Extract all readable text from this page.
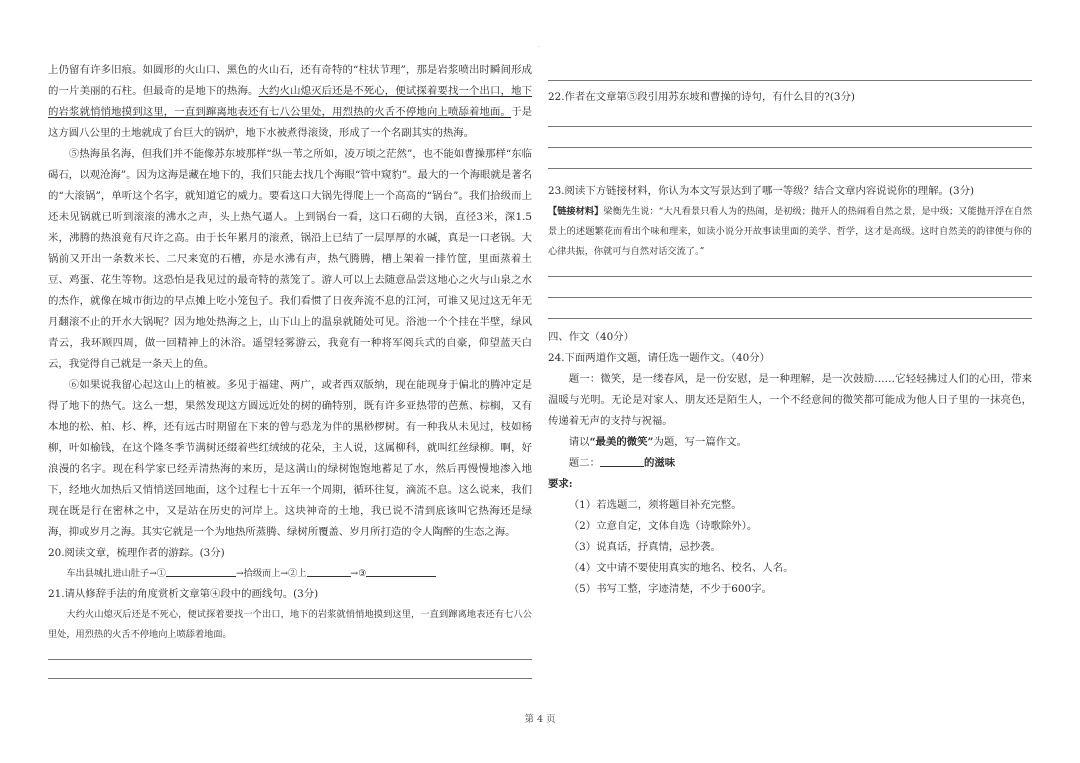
·

上仍留有许多旧痕。如圆形的火山口、黑色的火山石，还有奇特的“柱状节理”，那是岩浆喷出时瞬间形成的一片美丽的石柱。但最奇的是地下的热海。大约火山熄灭后还是不死心，便试探着要找一个出口，地下的岩浆就悄悄地摸到这里，一直到蹿离地表还有七八公里处，用烈热的火舌不停地向上喷舔着地面。于是这方圆八公里的土地就成了台巨大的锅炉，地下水被煮得滚烫，形成了一个名副其实的热海。

⑤热海虽名海，但我们并不能像苏东坡那样“纵一苇之所如，凌万顷之茫然”，也不能如曹操那样“东临碣石，以观沧海”。因为这海是藏在地下的，我们只能去找几个海眼“管中窥豹”。最大的一个海眼就是著名的“大滚锅”，单听这个名字，就知道它的威力。要看这口大锅先得爬上一个高高的“锅台”。我们拾级而上还未见锅就已听到滚滚的沸水之声，头上热气逼人。上到锅台一看，这口石砌的大锅，直径3米，深1.5米，沸腾的热浪竟有尺许之高。由于长年累月的滚煮，锅沿上已结了一层厚厚的水碱，真是一口老锅。大锅前又开出一条数米长、二尺来宽的石槽，亦是水沸有声，热气腾腾，槽上架着一排竹筐，里面蒸着土豆、鸡蛋、花生等物。这恐怕是我见过的最奇特的蒸笼了。游人可以上去随意品尝这地心之火与山泉之水的杰作，就像在城市街边的早点摊上吃小笼包子。我们看惯了日夜奔流不息的江河，可谁又见过这无年无月翻滚不止的开水大锅呢？因为地处热海之上，山下山上的温泉就随处可见。浴池一个个挂在半壁，绿风青云，我环顾四周，做一回精神上的沐浴。遥望轻雾游云，我竟有一种将军阅兵式的自豪，仰望蓝天白云，我觉得自己就是一条天上的鱼。

⑥如果说我留心起这山上的植被。多见于福建、两广，或者西双版纳，现在能现身于偏北的腾冲定是得了地下的热气。这么一想，果然发现这方圆远近处的树的确特别，既有许多亚热带的芭蕉、棕榈，又有本地的松、柏、杉、桦，还有远古时期留在下来的曾与恐龙为伴的黑桫椤树。有一种我从未见过，枝如杨柳，叶如榆钱，在这个隆冬季节满树还缀着些红绒绒的花朵，主人说，这属柳科，就叫红丝绿柳。啊，好浪漫的名字。现在科学家已经弄清热海的来历，是这满山的绿树饱饱地蓄足了水，然后再慢慢地渗入地下，经地火加热后又悄悄送回地面，这个过程七十五年一个周期，循环往复，滴流不息。这么说来，我们现在既是行在密林之中，又是站在历史的河岸上。这块神奇的土地，我已说不清到底该叫它热海还是绿海，抑或岁月之海。其实它就是一个为地热所蒸腾、绿树所覆盖、岁月所打造的令人陶醉的生态之海。

20.阅读文章，梳理作者的游踪。(3分)

车出县城扎进山肚子→①	→拾级而上→②上	→③

21.请从修辞手法的角度赏析文章第④段中的画线句。(3分)

大约火山熄灭后还是不死心，便试探着要找一个出口，地下的岩浆就悄悄地摸到这里，一直到蹿离地表还有七八公里处，用烈热的火舌不停地向上喷舔着地面。

22.作者在文章第⑤段引用苏东坡和曹操的诗句，有什么目的?(3分)

23.阅读下方链接材料，你认为本文写景达到了哪一等级？结合文章内容说说你的理解。(3分)

【链接材料】梁衡先生说：“大凡看景只看人为的热闹，是初级；抛开人的热闹看自然之景，是中级；又能抛开浮在自然景上的述题繁花而看出个味和理来，如读小说分开故事读里面的美学、哲学，这才是高级。这时自然美的韵律便与你的心律共振，你就可与自然对话交流了。”

四、作文（40分）

24.下面两道作文题，请任选一题作文。（40分）

题一：微笑，是一缕春风，是一份安慰，是一种理解，是一次鼓励……它轻轻拂过人们的心田，带来温暖与光明。无论是对家人、朋友还是陌生人，一个不经意间的微笑都可能成为他人日子里的一抹亮色，传递着无声的支持与祝福。

请以“最美的微笑”为题，写一篇作文。

题二：	的滋味

要求:

（1）若选题二，须将题目补充完整。

（2）立意自定，文体自选（诗歌除外）。

（3）说真话，抒真情，忌抄袭。

（4）文中请不要使用真实的地名、校名、人名。

（5）书写工整，字迹清楚，不少于600字。

第 4 页
